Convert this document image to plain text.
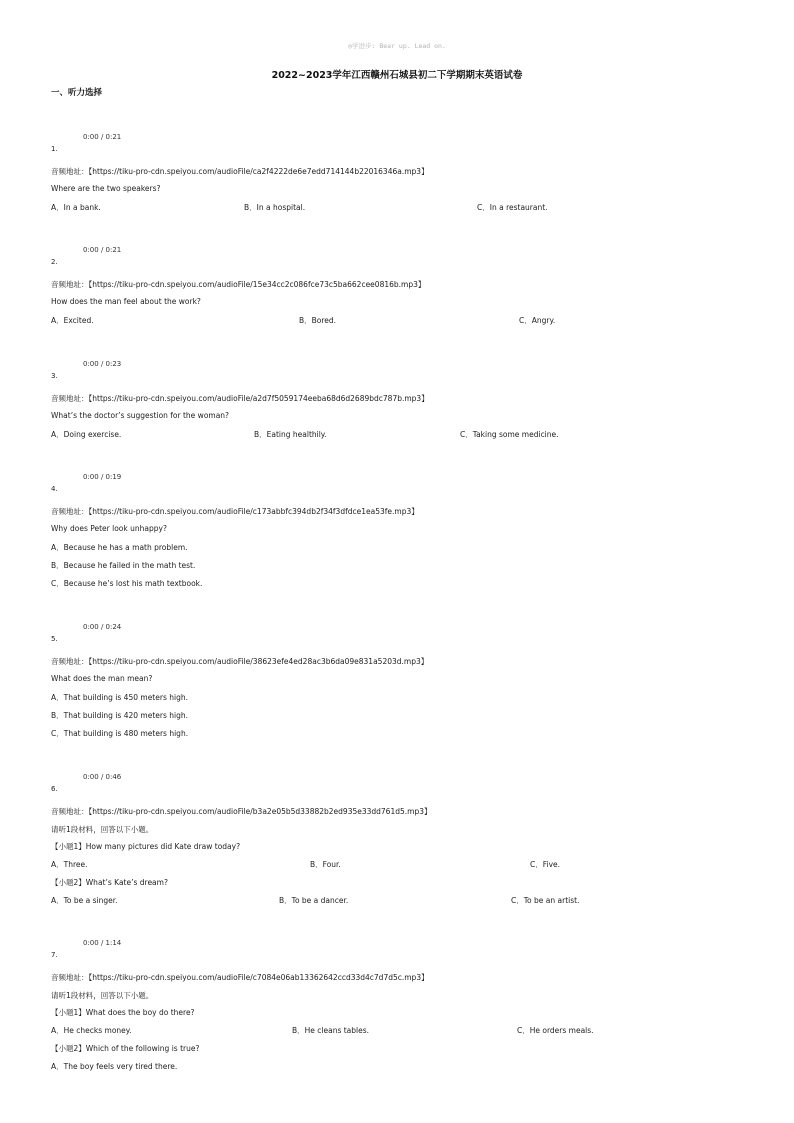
◎学进步: Bear up. Lead on.
2022~2023学年江西赣州石城县初二下学期期末英语试卷
一、听力选择
0:00 / 0:21
1.
音频地址：【https://tiku-pro-cdn.speiyou.com/audioFile/ca2f4222de6e7edd714144b22016346a.mp3】
Where are the two speakers?
A．In a bank.	B．In a hospital.	C．In a restaurant.
0:00 / 0:21
2.
音频地址：【https://tiku-pro-cdn.speiyou.com/audioFile/15e34cc2c086fce73c5ba662cee0816b.mp3】
How does the man feel about the work?
A．Excited.	B．Bored.	C．Angry.
0:00 / 0:23
3.
音频地址：【https://tiku-pro-cdn.speiyou.com/audioFile/a2d7f5059174eeba68d6d2689bdc787b.mp3】
What’s the doctor’s suggestion for the woman?
A．Doing exercise.	B．Eating healthily.	C．Taking some medicine.
0:00 / 0:19
4.
音频地址：【https://tiku-pro-cdn.speiyou.com/audioFile/c173abbfc394db2f34f3dfdce1ea53fe.mp3】
Why does Peter look unhappy?
A．Because he has a math problem.
B．Because he failed in the math test.
C．Because he’s lost his math textbook.
0:00 / 0:24
5.
音频地址：【https://tiku-pro-cdn.speiyou.com/audioFile/38623efe4ed28ac3b6da09e831a5203d.mp3】
What does the man mean?
A．That building is 450 meters high.
B．That building is 420 meters high.
C．That building is 480 meters high.
0:00 / 0:46
6.
音频地址：【https://tiku-pro-cdn.speiyou.com/audioFile/b3a2e05b5d33882b2ed935e33dd761d5.mp3】
请听1段材料，回答以下小题。
【小题1】How many pictures did Kate draw today?
A．Three.	B．Four.	C．Five.
【小题2】What’s Kate’s dream?
A．To be a singer.	B．To be a dancer.	C．To be an artist.
0:00 / 1:14
7.
音频地址：【https://tiku-pro-cdn.speiyou.com/audioFile/c7084e06ab13362642ccd33d4c7d7d5c.mp3】
请听1段材料，回答以下小题。
【小题1】What does the boy do there?
A．He checks money.	B．He cleans tables.	C．He orders meals.
【小题2】Which of the following is true?
A．The boy feels very tired there.
